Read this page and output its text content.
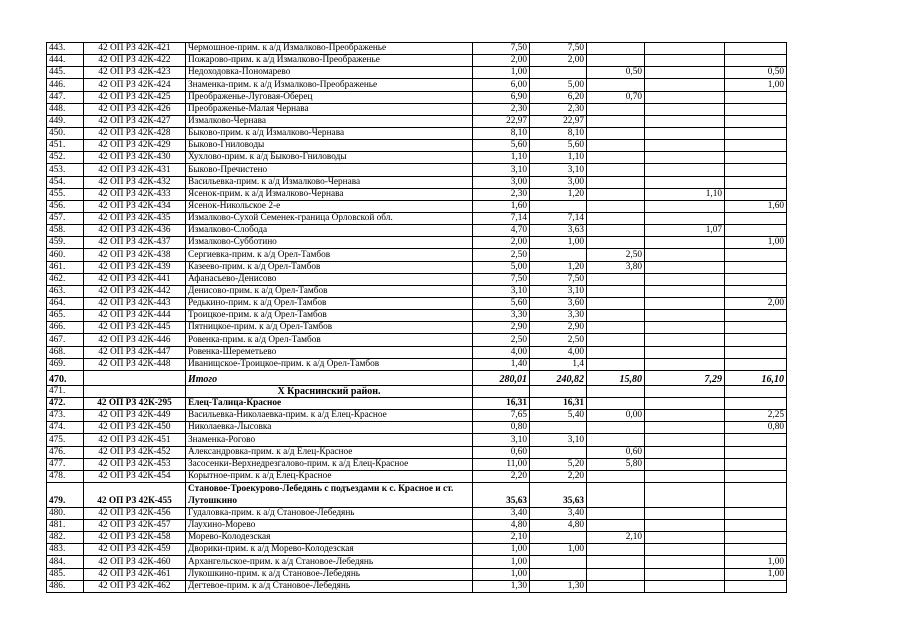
443.	42 ОП РЗ 42К-421	Чермошное-прим. к а/д Измалково-Преображенье	7,50	7,50			
444.	42 ОП РЗ 42К-422	Пожарово-прим. к а/д Измалково-Преображенье	2,00	2,00			
445.	42 ОП РЗ 42К-423	Недоходовка-Пономарево	1,00		0,50		0,50
446.	42 ОП РЗ 42К-424	Знаменка-прим. к а/д Измалково-Преображенье	6,00	5,00			1,00
447.	42 ОП РЗ 42К-425	Преображенье-Луговая-Оберец	6,90	6,20	0,70		
448.	42 ОП РЗ 42К-426	Преображенье-Малая Чернава	2,30	2,30			
449.	42 ОП РЗ 42К-427	Измалково-Чернава	22,97	22,97			
450.	42 ОП РЗ 42К-428	Быково-прим. к а/д Измалково-Чернава	8,10	8,10			
451.	42 ОП РЗ 42К-429	Быково-Гниловоды	5,60	5,60			
452.	42 ОП РЗ 42К-430	Хухлово-прим. к а/д Быково-Гниловоды	1,10	1,10			
453.	42 ОП РЗ 42К-431	Быково-Пречистено	3,10	3,10			
454.	42 ОП РЗ 42К-432	Васильевка-прим. к а/д Измалково-Чернава	3,00	3,00			
455.	42 ОП РЗ 42К-433	Ясенок-прим. к а/д Измалково-Чернава	2,30	1,20		1,10	
456.	42 ОП РЗ 42К-434	Ясенок-Никольское 2-е	1,60				1,60
457.	42 ОП РЗ 42К-435	Измалково-Сухой Семенек-граница Орловской обл.	7,14	7,14			
458.	42 ОП РЗ 42К-436	Измалково-Слобода	4,70	3,63		1,07	
459.	42 ОП РЗ 42К-437	Измалково-Субботино	2,00	1,00			1,00
460.	42 ОП РЗ 42К-438	Сергиевка-прим. к а/д Орел-Тамбов	2,50		2,50		
461.	42 ОП РЗ 42К-439	Казеево-прим. к а/д Орел-Тамбов	5,00	1,20	3,80		
462.	42 ОП РЗ 42К-441	Афанасьево-Денисово	7,50	7,50			
463.	42 ОП РЗ 42К-442	Денисово-прим. к а/д Орел-Тамбов	3,10	3,10			
464.	42 ОП РЗ 42К-443	Редькино-прим. к а/д Орел-Тамбов	5,60	3,60			2,00
465.	42 ОП РЗ 42К-444	Троицкое-прим. к а/д Орел-Тамбов	3,30	3,30			
466.	42 ОП РЗ 42К-445	Пятницкое-прим. к а/д Орел-Тамбов	2,90	2,90			
467.	42 ОП РЗ 42К-446	Ровенка-прим. к а/д Орел-Тамбов	2,50	2,50			
468.	42 ОП РЗ 42К-447	Ровенка-Шереметьево	4,00	4,00			
469.	42 ОП РЗ 42К-448	Иванищское-Троицкое-прим. к а/д Орел-Тамбов	1,40	1,4			
470.		Итого	280,01	240,82	15,80	7,29	16,10
471.		X Краснинский район.					
472.	42 ОП РЗ 42К-295	Елец-Талица-Красное	16,31	16,31			
473.	42 ОП РЗ 42К-449	Васильевка-Николаевка-прим. к а/д Елец-Красное	7,65	5,40	0,00		2,25
474.	42 ОП РЗ 42К-450	Николаевка-Лысовка	0,80				0,80
475.	42 ОП РЗ 42К-451	Знаменка-Рогово	3,10	3,10			
476.	42 ОП РЗ 42К-452	Александровка-прим. к а/д Елец-Красное	0,60		0,60		
477.	42 ОП РЗ 42К-453	Засосенки-Верхнедрезгалово-прим. к а/д Елец-Красное	11,00	5,20	5,80		
478.	42 ОП РЗ 42К-454	Корытное-прим. к а/д Елец-Красное	2,20	2,20			
479.	42 ОП РЗ 42К-455	Становое-Троекурово-Лебедянь с подъездами к с. Красное и ст. Лутошкино	35,63	35,63			
480.	42 ОП РЗ 42К-456	Гудаловка-прим. к а/д Становое-Лебедянь	3,40	3,40			
481.	42 ОП РЗ 42К-457	Лаухино-Морево	4,80	4,80			
482.	42 ОП РЗ 42К-458	Морево-Колодезская	2,10		2,10		
483.	42 ОП РЗ 42К-459	Дворики-прим. к а/д Морево-Колодезская	1,00	1,00			
484.	42 ОП РЗ 42К-460	Архангельское-прим. к а/д Становое-Лебедянь	1,00				1,00
485.	42 ОП РЗ 42К-461	Лукошкино-прим. к а/д Становое-Лебедянь	1,00				1,00
486.	42 ОП РЗ 42К-462	Дегтевое-прим. к а/д Становое-Лебедянь	1,30	1,30			
